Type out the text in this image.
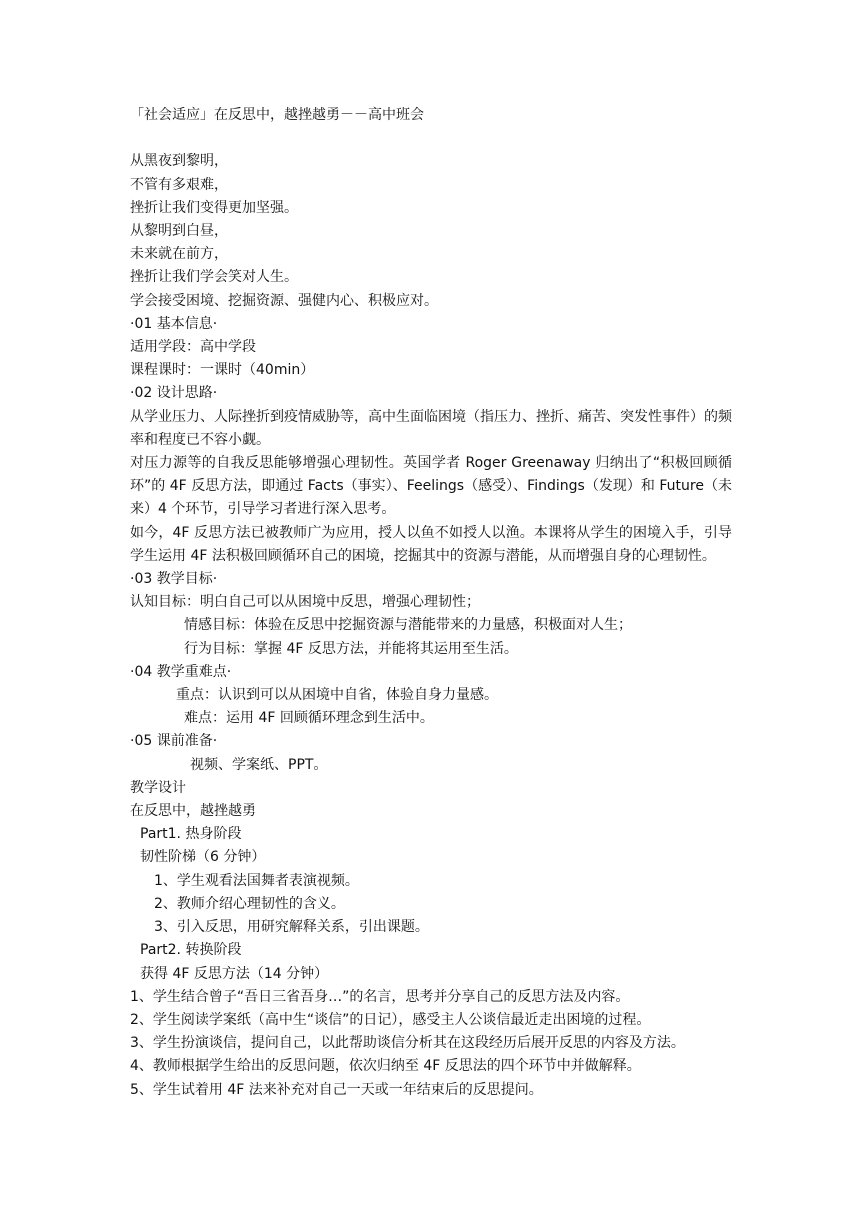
「社会适应」在反思中，越挫越勇－－高中班会
从黑夜到黎明，
不管有多艰难，
挫折让我们变得更加坚强。
从黎明到白昼，
未来就在前方，
挫折让我们学会笑对人生。
学会接受困境、挖掘资源、强健内心、积极应对。
·01 基本信息·
适用学段：高中学段
课程课时：一课时（40min）
·02 设计思路·
从学业压力、人际挫折到疫情威胁等，高中生面临困境（指压力、挫折、痛苦、突发性事件）的频率和程度已不容小觑。
对压力源等的自我反思能够增强心理韧性。英国学者 Roger Greenaway 归纳出了“积极回顾循环”的 4F 反思方法，即通过 Facts（事实）、Feelings（感受）、Findings（发现）和 Future（未来）4 个环节，引导学习者进行深入思考。
如今，4F 反思方法已被教师广为应用，授人以鱼不如授人以渔。本课将从学生的困境入手，引导学生运用 4F 法积极回顾循环自己的困境，挖掘其中的资源与潜能，从而增强自身的心理韧性。
·03 教学目标·
认知目标：明白自己可以从困境中反思，增强心理韧性；
情感目标：体验在反思中挖掘资源与潜能带来的力量感，积极面对人生；
行为目标：掌握 4F 反思方法，并能将其运用至生活。
·04 教学重难点·
重点：认识到可以从困境中自省，体验自身力量感。
难点：运用 4F 回顾循环理念到生活中。
·05 课前准备·
视频、学案纸、PPT。
教学设计
在反思中，越挫越勇
Part1. 热身阶段
韧性阶梯（6 分钟）
1、学生观看法国舞者表演视频。
2、教师介绍心理韧性的含义。
3、引入反思，用研究解释关系，引出课题。
Part2. 转换阶段
获得 4F 反思方法（14 分钟）
1、学生结合曾子“吾日三省吾身…”的名言，思考并分享自己的反思方法及内容。
2、学生阅读学案纸（高中生“谈信”的日记），感受主人公谈信最近走出困境的过程。
3、学生扮演谈信，提问自己，以此帮助谈信分析其在这段经历后展开反思的内容及方法。
4、教师根据学生给出的反思问题，依次归纳至 4F 反思法的四个环节中并做解释。
5、学生试着用 4F 法来补充对自己一天或一年结束后的反思提问。
